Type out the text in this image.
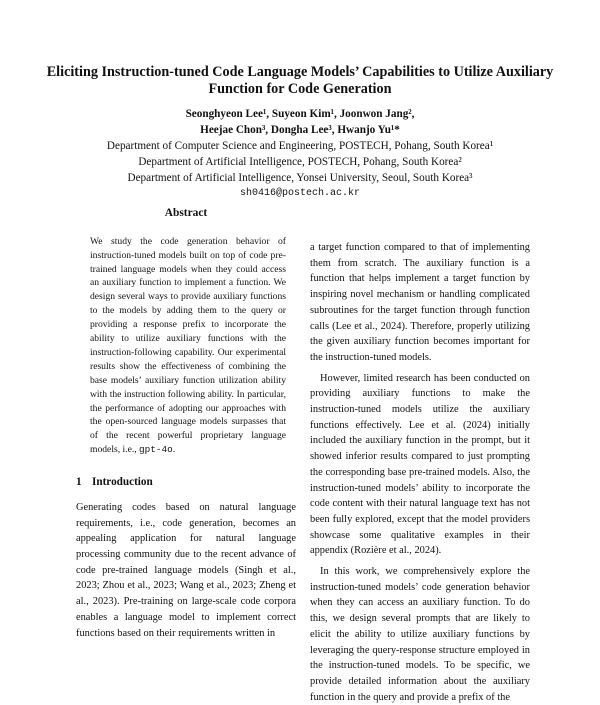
Eliciting Instruction-tuned Code Language Models’ Capabilities to Utilize Auxiliary Function for Code Generation
Seonghyeon Lee¹, Suyeon Kim¹, Joonwon Jang²,
Heejae Chon³, Dongha Lee³, Hwanjo Yu¹*
Department of Computer Science and Engineering, POSTECH, Pohang, South Korea¹
Department of Artificial Intelligence, POSTECH, Pohang, South Korea²
Department of Artificial Intelligence, Yonsei University, Seoul, South Korea³
sh0416@postech.ac.kr
Abstract

We study the code generation behavior of instruction-tuned models built on top of code pre-trained language models when they could access an auxiliary function to implement a function. We design several ways to provide auxiliary functions to the models by adding them to the query or providing a response prefix to incorporate the ability to utilize auxiliary functions with the instruction-following capability. Our experimental results show the effectiveness of combining the base models’ auxiliary function utilization ability with the instruction following ability. In particular, the performance of adopting our approaches with the open-sourced language models surpasses that of the recent powerful proprietary language models, i.e., gpt-4o.

1 Introduction

Generating codes based on natural language requirements, i.e., code generation, becomes an appealing application for natural language processing community due to the recent advance of code pre-trained language models (Singh et al., 2023; Zhou et al., 2023; Wang et al., 2023; Zheng et al., 2023). Pre-training on large-scale code corpora enables a language model to implement correct functions based on their requirements written in

a target function compared to that of implementing them from scratch. The auxiliary function is a function that helps implement a target function by inspiring novel mechanism or handling complicated subroutines for the target function through function calls (Lee et al., 2024). Therefore, properly utilizing the given auxiliary function becomes important for the instruction-tuned models.

However, limited research has been conducted on providing auxiliary functions to make the instruction-tuned models utilize the auxiliary functions effectively. Lee et al. (2024) initially included the auxiliary function in the prompt, but it showed inferior results compared to just prompting the corresponding base pre-trained models. Also, the instruction-tuned models’ ability to incorporate the code content with their natural language text has not been fully explored, except that the model providers showcase some qualitative examples in their appendix (Rozière et al., 2024).

In this work, we comprehensively explore the instruction-tuned models’ code generation behavior when they can access an auxiliary function. To do this, we design several prompts that are likely to elicit the ability to utilize auxiliary functions by leveraging the query-response structure employed in the instruction-tuned models. To be specific, we provide detailed information about the auxiliary function in the query and provide a prefix of the
